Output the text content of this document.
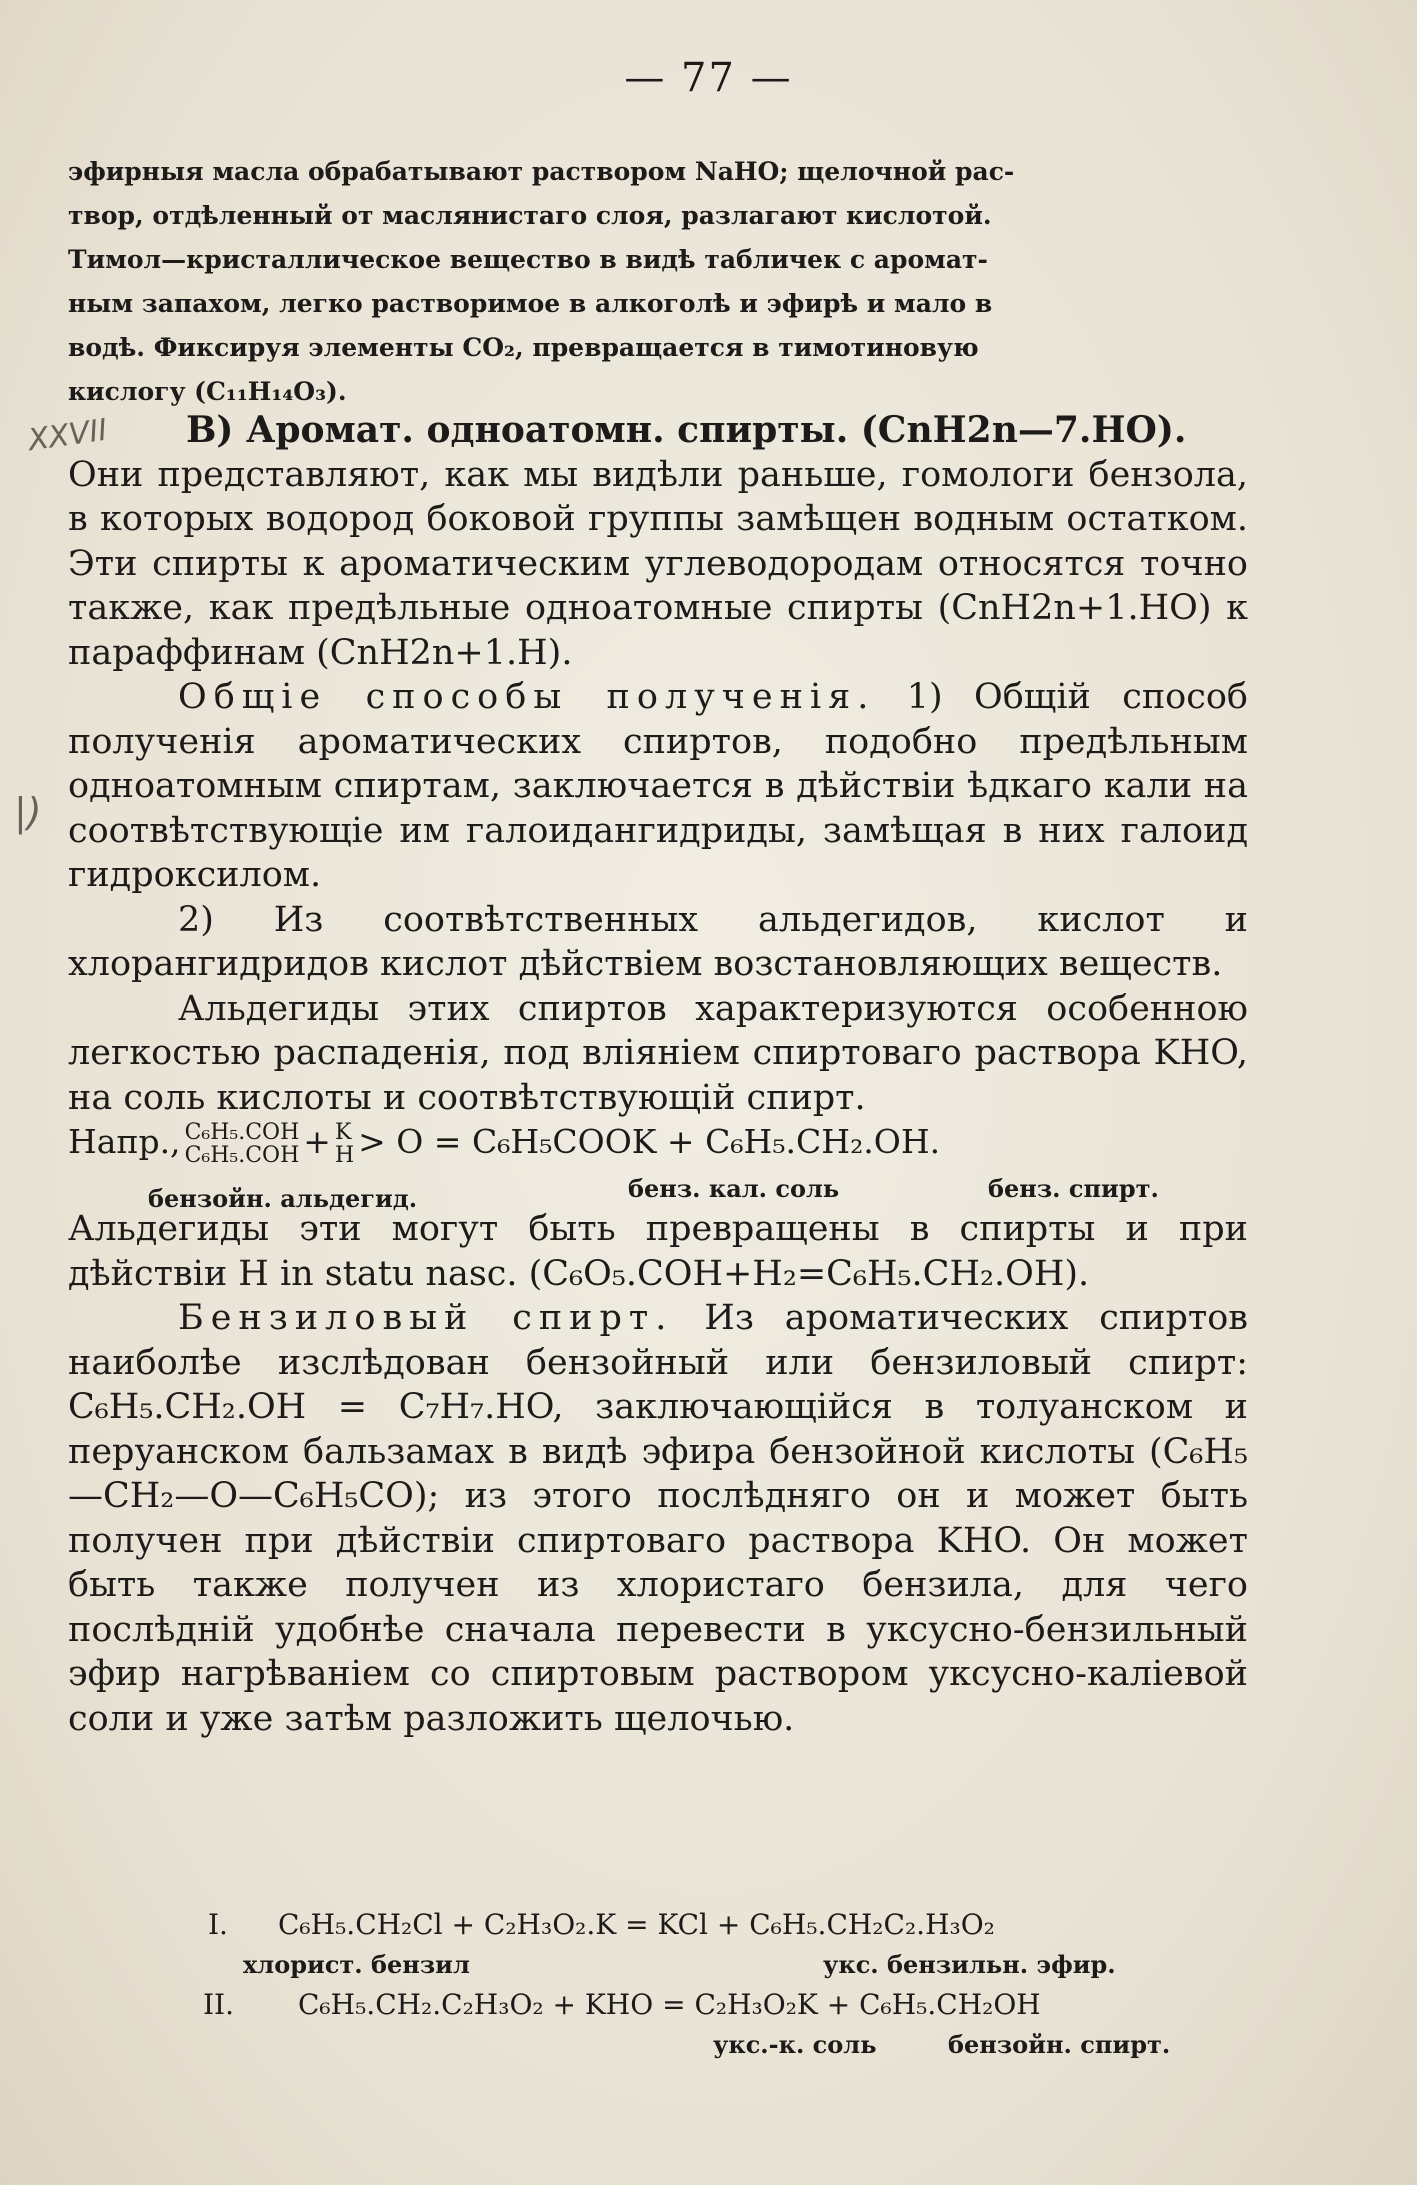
— 77 —
XXVII
|)

эфирныя масла обрабатывают раствором NaHO; щелочной рас-

твор, отдѣленный от маслянистаго слоя, разлагают кислотой.

Тимол—кристаллическое вещество в видѣ табличек с аромат-

ным запахом, легко растворимое в алкоголѣ и эфирѣ и мало в

водѣ. Фиксируя элементы CO₂, превращается в тимотиновую

кислогу (C₁₁H₁₄O₃).

В) Аромат. одноатомн. спирты. (CnH2n—7.HO).

Они представляют, как мы видѣли раньше, гомологи бензола, в которых водород боковой группы замѣщен водным остатком. Эти спирты к ароматическим углеводородам относятся точно также, как предѣльные одноатомные спирты (CnH2n+1.HO) к параффинам (CnH2n+1.H).

Общіе способы полученія. 1) Общій способ полученія ароматических спиртов, подобно предѣльным одноатомным спиртам, заключается в дѣйствіи ѣдкаго кали на соотвѣтствующіе им галоидангидриды, замѣщая в них галоид гидроксилом.

2) Из соотвѣтственных альдегидов, кислот и хлорангидридов кислот дѣйствіем возстановляющих веществ.

Альдегиды этих спиртов характеризуются особенною легкостью распаденія, под вліяніем спиртоваго раствора KHO, на соль кислоты и соотвѣтствующій спирт.

Напр., C₆H₅.COH
C₆H₅.COH + K
H > O = C₆H₅COOK + C₆H₅.CH₂.OH.
бензойн. альдегид.	бенз. кал. соль	бенз. спирт.

Альдегиды эти могут быть превращены в спирты и при дѣйствіи H in statu nasc. (C₆O₅.COH+H₂=C₆H₅.CH₂.OH).

Бензиловый спирт. Из ароматических спиртов наиболѣе изслѣдован бензойный или бензиловый спирт: C₆H₅.CH₂.OH = C₇H₇.HO, заключающійся в толуанском и перуанском бальзамах в видѣ эфира бензойной кислоты (C₆H₅—CH₂—O—C₆H₅CO); из этого послѣдняго он и может быть получен при дѣйствіи спиртоваго раствора KHO. Он может быть также получен из хлористаго бензила, для чего послѣдній удобнѣе сначала перевести в уксусно-бензильный эфир нагрѣваніем со спиртовым раствором уксусно-каліевой соли и уже затѣм разложить щелочью.

I. C₆H₅.CH₂Cl + C₂H₃O₂.K = KCl + C₆H₅.CH₂C₂.H₃O₂
хлорист. бензил	укс. бензильн. эфир.
II. C₆H₅.CH₂.C₂H₃O₂ + KHO = C₂H₃O₂K + C₆H₅.CH₂OH
укс.-к. соль	бензойн. спирт.
